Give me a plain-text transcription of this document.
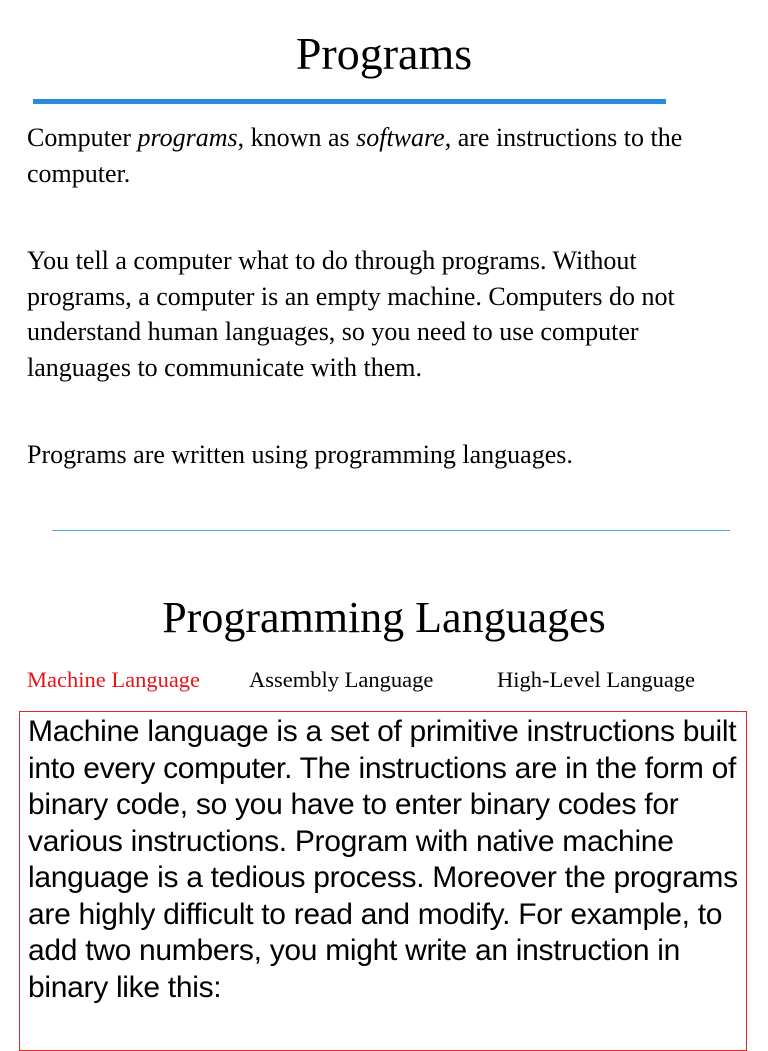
Programs

Computer programs, known as software, are instructions to the computer.

You tell a computer what to do through programs. Without programs, a computer is an empty machine. Computers do not understand human languages, so you need to use computer languages to communicate with them.

Programs are written using programming languages.

Programming Languages
Machine Language Assembly Language	High-Level Language

Machine language is a set of primitive instructions built into every computer. The instructions are in the form of binary code, so you have to enter binary codes for various instructions. Program with native machine language is a tedious process. Moreover the programs are highly difficult to read and modify. For example, to add two numbers, you might write an instruction in binary like this:
